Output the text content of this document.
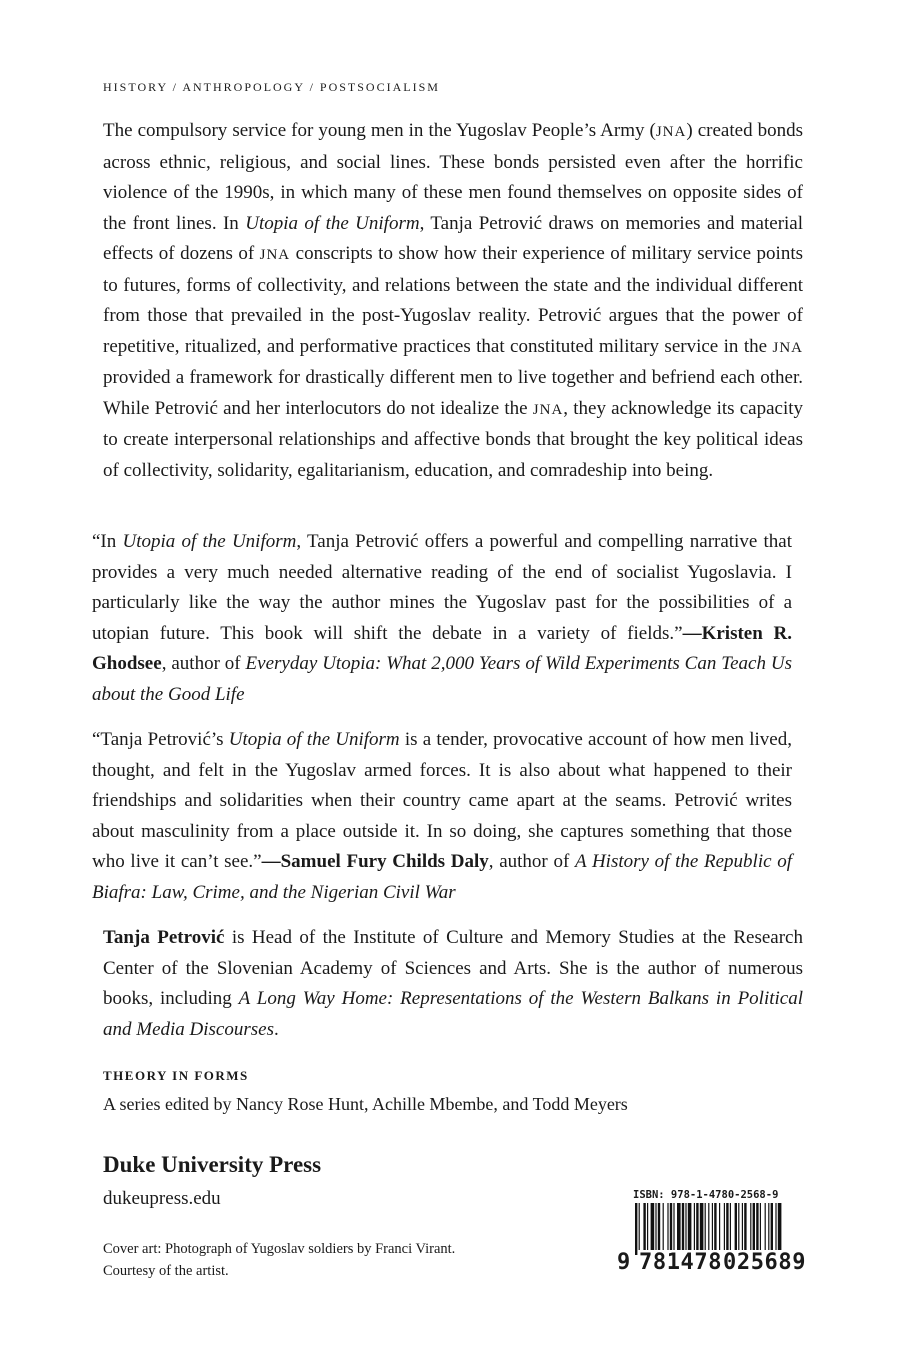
HISTORY / ANTHROPOLOGY / POSTSOCIALISM

The compulsory service for young men in the Yugoslav People’s Army (JNA) created bonds across ethnic, religious, and social lines. These bonds persisted even after the horrific violence of the 1990s, in which many of these men found themselves on opposite sides of the front lines. In Utopia of the Uniform, Tanja Petrović draws on memories and material effects of dozens of JNA conscripts to show how their experience of military service points to futures, forms of collectivity, and relations between the state and the individual different from those that prevailed in the post-Yugoslav reality. Petrović argues that the power of repetitive, ritualized, and performative practices that constituted military service in the JNA provided a framework for drastically different men to live together and befriend each other. While Petrović and her interlocutors do not idealize the JNA, they acknowledge its capacity to create interpersonal relationships and affective bonds that brought the key political ideas of collectivity, solidarity, egalitarianism, education, and comradeship into being.

“In Utopia of the Uniform, Tanja Petrović offers a powerful and compelling narrative that provides a very much needed alternative reading of the end of socialist Yugoslavia. I particularly like the way the author mines the Yugoslav past for the possibilities of a utopian future. This book will shift the debate in a variety of fields.”—Kristen R. Ghodsee, author of Everyday Utopia: What 2,000 Years of Wild Experiments Can Teach Us about the Good Life

“Tanja Petrović’s Utopia of the Uniform is a tender, provocative account of how men lived, thought, and felt in the Yugoslav armed forces. It is also about what happened to their friendships and solidarities when their country came apart at the seams. Petrović writes about masculinity from a place outside it. In so doing, she captures something that those who live it can’t see.”—Samuel Fury Childs Daly, author of A History of the Republic of Biafra: Law, Crime, and the Nigerian Civil War

Tanja Petrović is Head of the Institute of Culture and Memory Studies at the Research Center of the Slovenian Academy of Sciences and Arts. She is the author of numerous books, including A Long Way Home: Representations of the Western Balkans in Political and Media Discourses.

THEORY IN FORMS
A series edited by Nancy Rose Hunt, Achille Mbembe, and Todd Meyers
Duke University Press
dukeupress.edu
Cover art: Photograph of Yugoslav soldiers by Franci Virant.
Courtesy of the artist.
ISBN: 978-1-4780-2568-9
9 781478 025689
